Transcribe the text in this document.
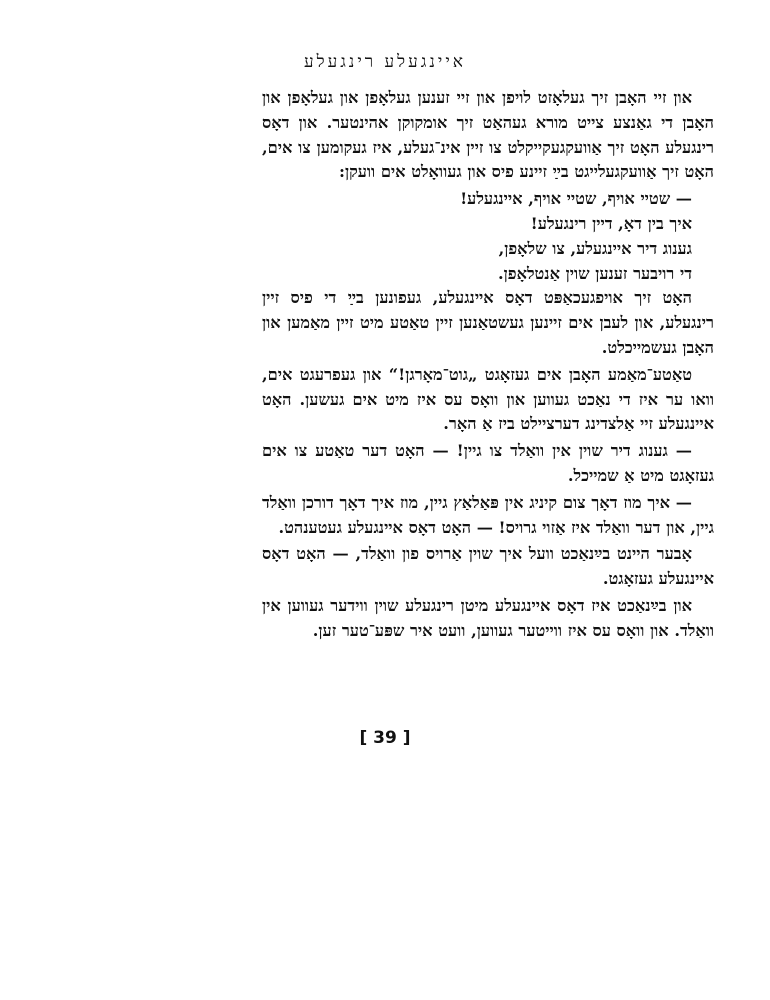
איינגעלע רינגעלע

און זיי האָבן זיך געלאָזט לויפן און זיי זענען געלאָפן און געלאָפן און האָבן די גאַנצע צייט מורא געהאַט זיך אומקוקן אהינטער. און דאָס רינגעלע האָט זיך אַוועקגעקייקלט צו זיין אינ־געלע, איז געקומען צו אים, האָט זיך אַוועקגעלייגט בײַ זיינע פיס און געוואָלט אים וועקן:

— שטיי אויף, שטיי אויף, איינגעלע!

איך בין דאָ, דיין רינגעלע!

גענוג דיר איינגעלע, צו שלאָפן,

די רויבער זענען שוין אַנטלאָפן.

האָט זיך אויפגעכאַפּט דאָס איינגעלע, געפונען בײַ די פיס זיין רינגעלע, און לעבן אים זיינען געשטאַנען זיין טאַטע מיט זיין מאַמען און האָבן געשמייכלט.

טאַטע־מאַמע האָבן אים געזאָגט „גוט־מאָרגן!“ און געפרעגט אים, וואו ער איז די נאַכט געווען און וואָס עס איז מיט אים געשען. האָט איינגעלע זיי אַלצדינג דערציילט ביז אַ האָר.

— גענוג דיר שוין אין וואַלד צו גיין! — האָט דער טאַטע צו אים געזאָגט מיט אַ שמייכל.

— איך מוז דאָך צום קיניג אין פּאַלאַץ גיין, מוז איך דאָך דורכן וואַלד גיין, און דער וואַלד איז אַזוי גרויס! — האָט דאָס איינגעלע געטענהט.

אָבער היינט בײַנאַכט וועל איך שוין אַרויס פון וואַלד, — האָט דאָס איינגעלע געזאָגט.

און בײַנאַכט איז דאָס איינגעלע מיטן רינגעלע שוין ווידער געווען אין וואַלד. און וואָס עס איז ווייטער געווען, וועט איר שפּע־טער זען.

[ 39 ]
